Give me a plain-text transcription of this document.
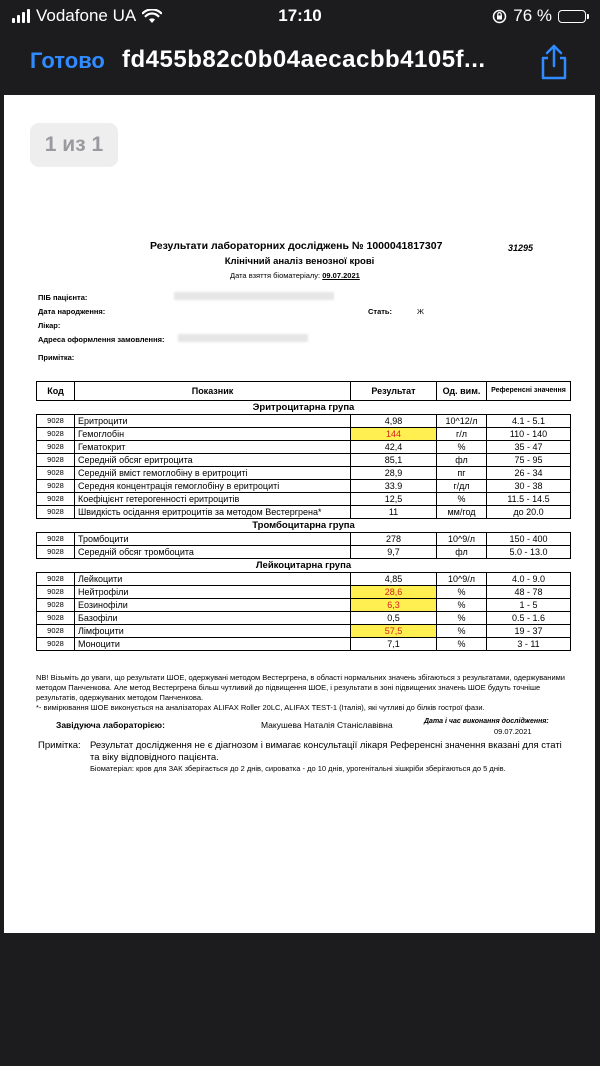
Vodafone UA	17:10	76 %
Готово fd455b82c0b04aecacbb4105f...
Результати лабораторних досліджень № 1000041817307	31295
Клінічний аналіз венозної крові
Дата взяття біоматеріалу: 09.07.2021
ПІБ пацієнта:
Дата народження:	Стать:	Ж
Лікар:
Адреса оформлення замовлення:
Примітка:
Код	Показник	Результат	Од. вим.	Референсні значення
Эритроцитарна група				
9028	Еритроцити	4,98	10^12/л	4.1 - 5.1
9028	Гемоглобін	144	г/л	110 - 140
9028	Гематокрит	42,4	%	35 - 47
9028	Середній обсяг еритроцита	85,1	фл	75 - 95
9028	Середній вміст гемоглобіну в еритроциті	28,9	пг	26 - 34
9028	Середня концентрація гемоглобіну в еритроциті	33.9	г/дл	30 - 38
9028	Коефіцієнт гетерогенності еритроцитів	12,5	%	11.5 - 14.5
9028	Швидкість осідання еритроцитів за методом Вестергрена*	11	мм/год	до 20.0
Тромбоцитарна група				
9028	Тромбоцити	278	10^9/л	150 - 400
9028	Середній обсяг тромбоцита	9,7	фл	5.0 - 13.0
Лейкоцитарна група				
9028	Лейкоцити	4,85	10^9/л	4.0 - 9.0
9028	Нейтрофіли	28,6	%	48 - 78
9028	Еозинофіли	6,3	%	1 - 5
9028	Базофіли	0,5	%	0.5 - 1.6
9028	Лімфоцити	57,5	%	19 - 37
9028	Моноцити	7,1	%	3 - 11
NB! Візьміть до уваги, що результати ШОЕ, одержувані методом Вестергрена, в області нормальних значень збігаються з результатами, одержуваними методом Панченкова. Але метод Вестергрена більш чутливий до підвищення ШОЕ, і результати в зоні підвищених значень ШОЕ будуть точніше результатів, одержуваних методом Панченкова.
*- вимірювання ШОЕ виконується на аналізаторах ALIFAX Roller 20LC, ALIFAX TEST-1 (Італія), які чутливі до білків гострої фази.
Завідуюча лабораторією:	Макушева Наталія Станіславівна	Дата і час виконання дослідження:
09.07.2021
Примітка: Результат дослідження не є діагнозом і вимагає консультації лікаря Референсні значення вказані для статі та віку відповідного пацієнта.
Біоматеріал: кров для ЗАК зберігається до 2 днів, сироватка - до 10 днів, урогенітальні зішкріби зберігаються до 5 днів.
1 из 1
